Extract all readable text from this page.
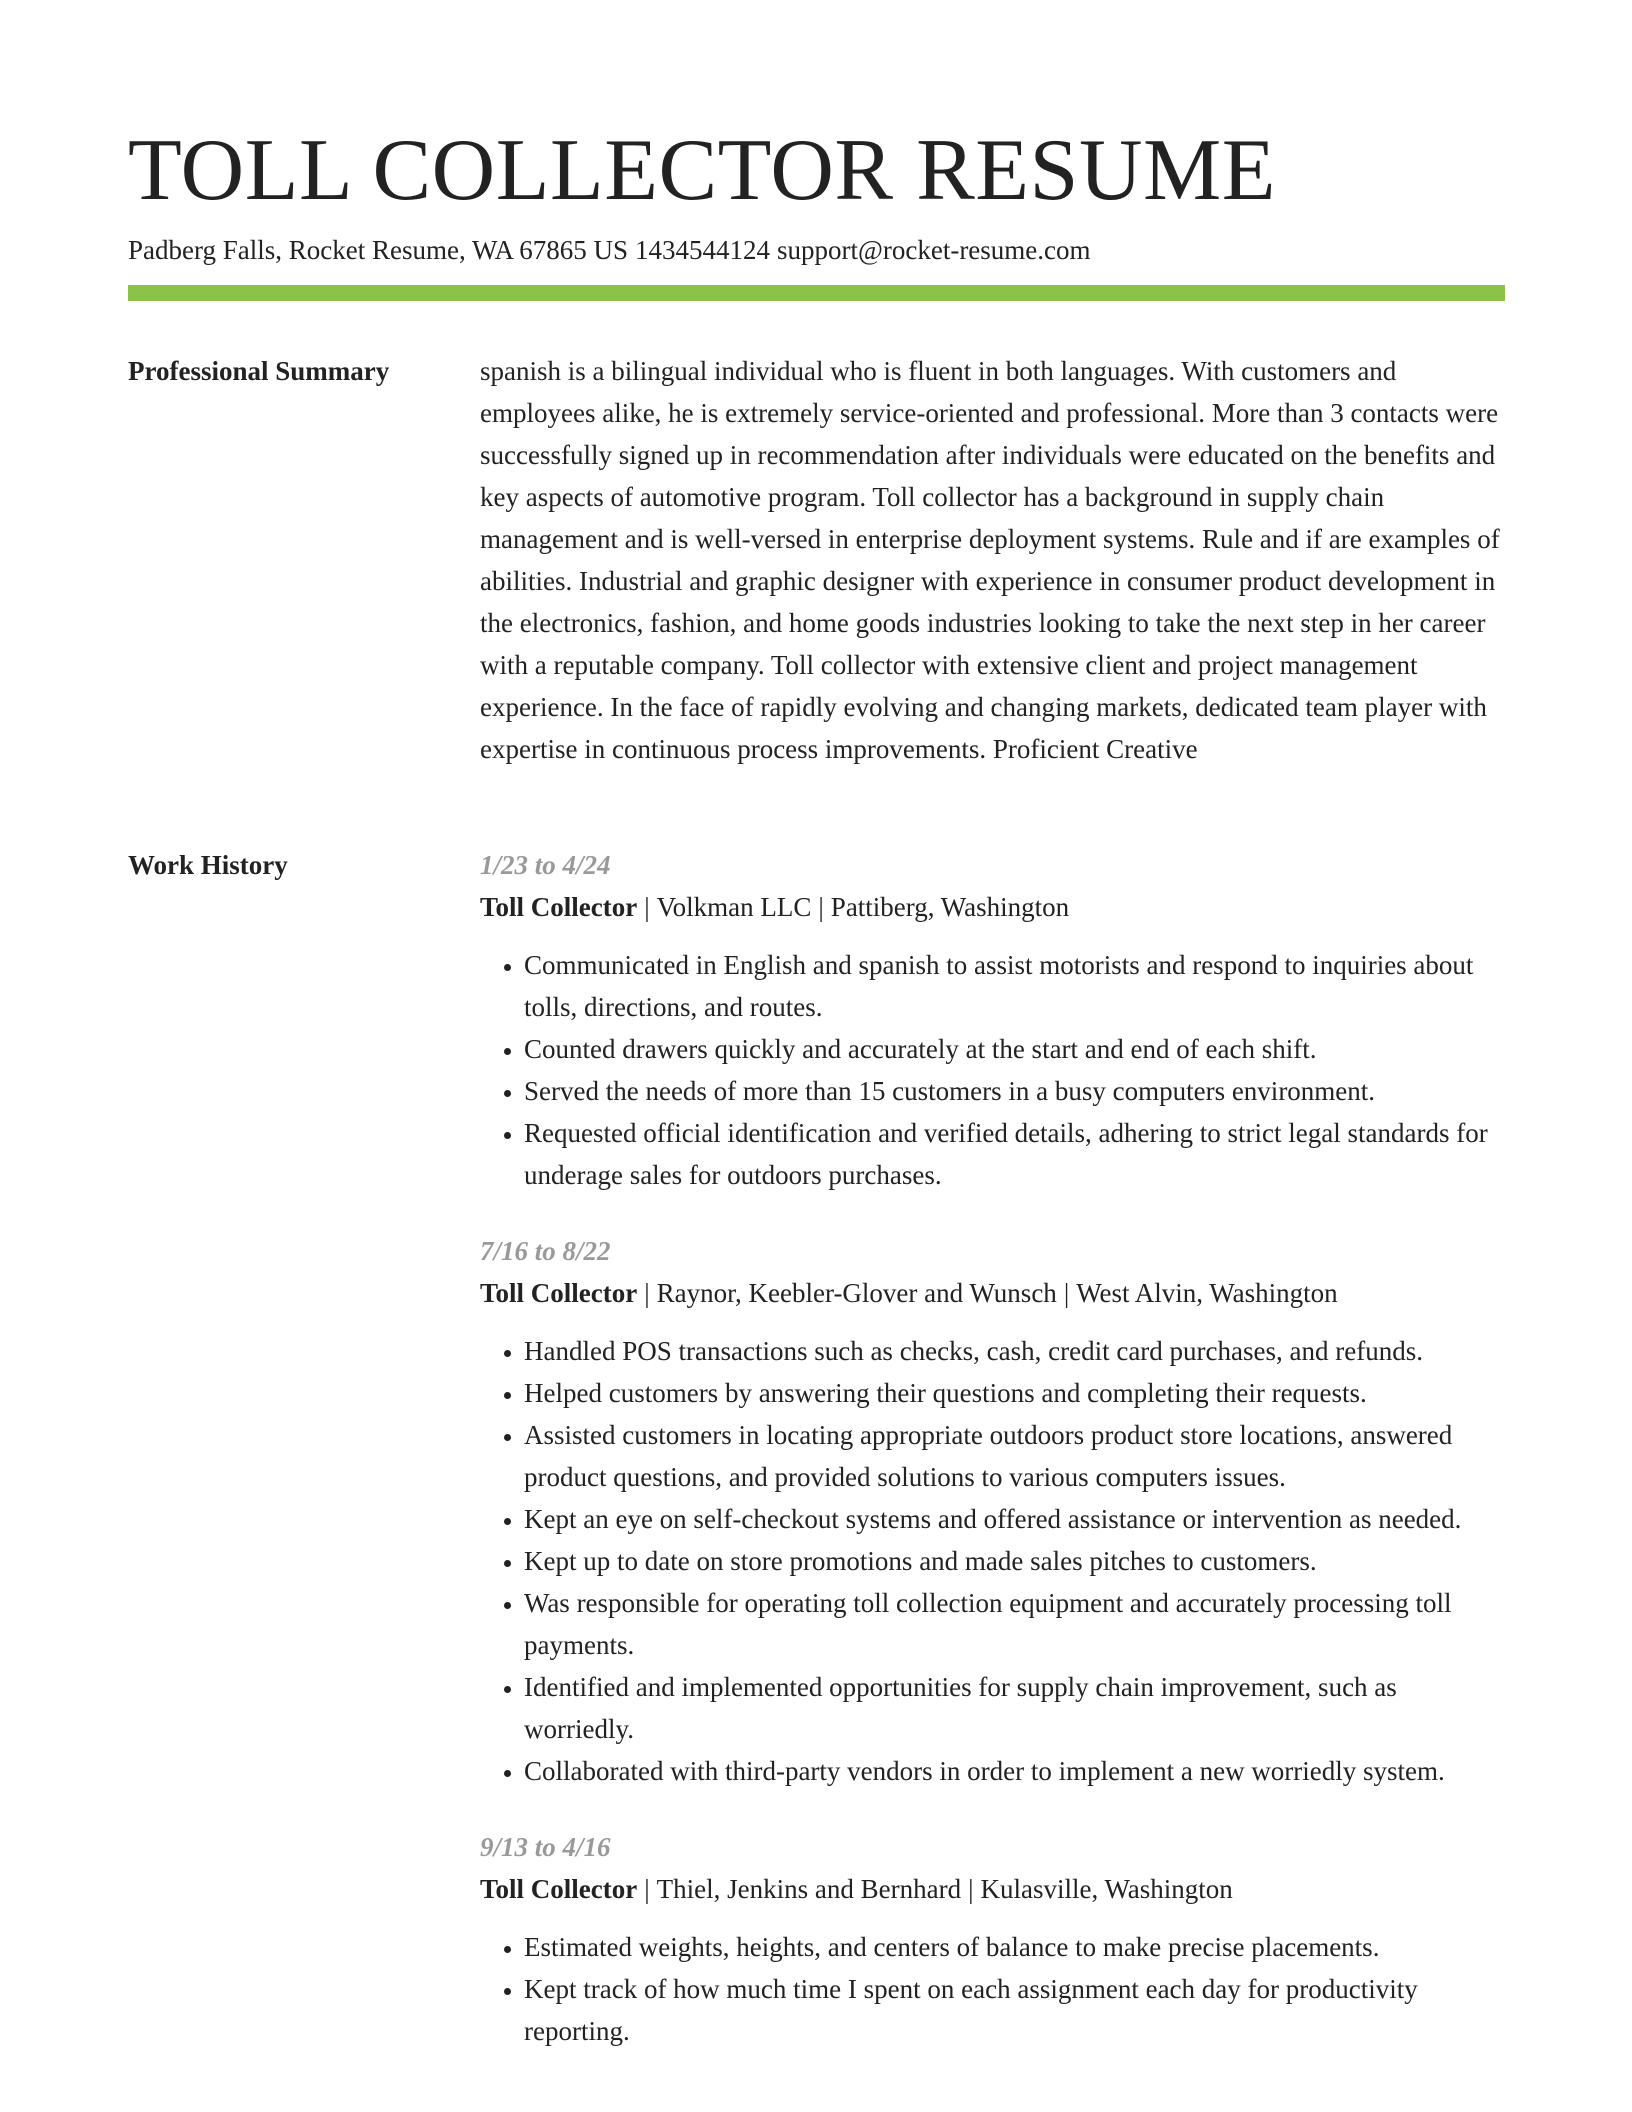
TOLL COLLECTOR RESUME
Padberg Falls, Rocket Resume, WA 67865 US 1434544124 support@rocket-resume.com
Professional Summary	spanish is a bilingual individual who is fluent in both languages. With customers and employees alike, he is extremely service-oriented and professional. More than 3 contacts were successfully signed up in recommendation after individuals were educated on the benefits and key aspects of automotive program. Toll collector has a background in supply chain management and is well-versed in enterprise deployment systems. Rule and if are examples of abilities. Industrial and graphic designer with experience in consumer product development in the electronics, fashion, and home goods industries looking to take the next step in her career with a reputable company. Toll collector with extensive client and project management experience. In the face of rapidly evolving and changing markets, dedicated team player with expertise in continuous process improvements. Proficient Creative

Work History	1/23 to 4/24
Toll Collector | Volkman LLC | Pattiberg, Washington
• Communicated in English and spanish to assist motorists and respond to inquiries about tolls, directions, and routes.
• Counted drawers quickly and accurately at the start and end of each shift.
• Served the needs of more than 15 customers in a busy computers environment.
• Requested official identification and verified details, adhering to strict legal standards for underage sales for outdoors purchases.
7/16 to 8/22
Toll Collector | Raynor, Keebler-Glover and Wunsch | West Alvin, Washington
• Handled POS transactions such as checks, cash, credit card purchases, and refunds.
• Helped customers by answering their questions and completing their requests.
• Assisted customers in locating appropriate outdoors product store locations, answered product questions, and provided solutions to various computers issues.
• Kept an eye on self-checkout systems and offered assistance or intervention as needed.
• Kept up to date on store promotions and made sales pitches to customers.
• Was responsible for operating toll collection equipment and accurately processing toll payments.
• Identified and implemented opportunities for supply chain improvement, such as worriedly.
• Collaborated with third-party vendors in order to implement a new worriedly system.
9/13 to 4/16
Toll Collector | Thiel, Jenkins and Bernhard | Kulasville, Washington
• Estimated weights, heights, and centers of balance to make precise placements.
• Kept track of how much time I spent on each assignment each day for productivity reporting.
